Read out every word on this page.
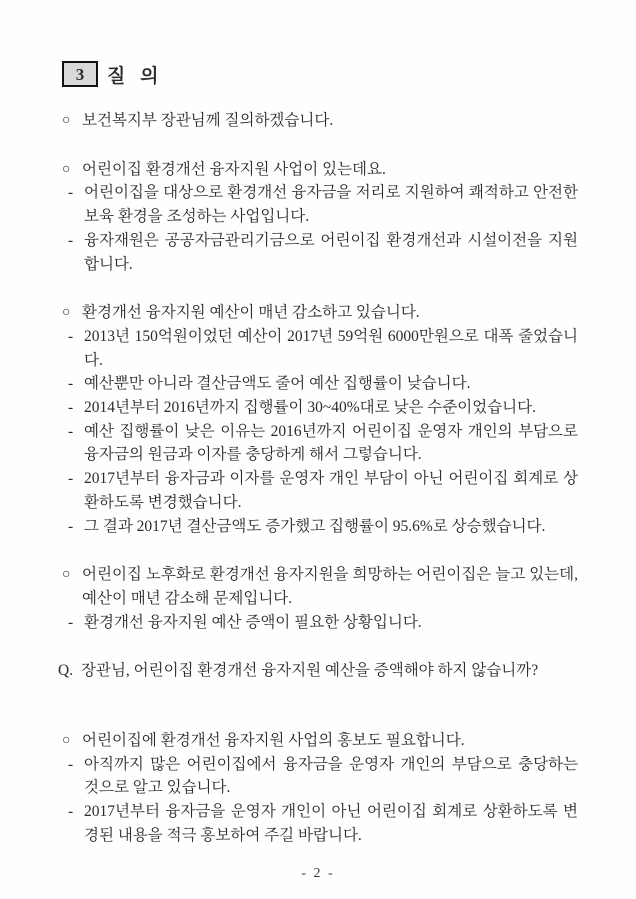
3 질 의

○ 보건복지부 장관님께 질의하겠습니다.

○ 어린이집 환경개선 융자지원 사업이 있는데요.

- 어린이집을 대상으로 환경개선 융자금을 저리로 지원하여 쾌적하고 안전한 보육 환경을 조성하는 사업입니다.

- 융자재원은 공공자금관리기금으로 어린이집 환경개선과 시설이전을 지원합니다.

○ 환경개선 융자지원 예산이 매년 감소하고 있습니다.

- 2013년 150억원이었던 예산이 2017년 59억원 6000만원으로 대폭 줄었습니다.

- 예산뿐만 아니라 결산금액도 줄어 예산 집행률이 낮습니다.

- 2014년부터 2016년까지 집행률이 30~40%대로 낮은 수준이었습니다.

- 예산 집행률이 낮은 이유는 2016년까지 어린이집 운영자 개인의 부담으로 융자금의 원금과 이자를 충당하게 해서 그렇습니다.

- 2017년부터 융자금과 이자를 운영자 개인 부담이 아닌 어린이집 회계로 상환하도록 변경했습니다.

- 그 결과 2017년 결산금액도 증가했고 집행률이 95.6%로 상승했습니다.

○ 어린이집 노후화로 환경개선 융자지원을 희망하는 어린이집은 늘고 있는데, 예산이 매년 감소해 문제입니다.

- 환경개선 융자지원 예산 증액이 필요한 상황입니다.

Q. 장관님, 어린이집 환경개선 융자지원 예산을 증액해야 하지 않습니까?

○ 어린이집에 환경개선 융자지원 사업의 홍보도 필요합니다.

- 아직까지 많은 어린이집에서 융자금을 운영자 개인의 부담으로 충당하는 것으로 알고 있습니다.

- 2017년부터 융자금을 운영자 개인이 아닌 어린이집 회계로 상환하도록 변경된 내용을 적극 홍보하여 주길 바랍니다.

- 2 -
